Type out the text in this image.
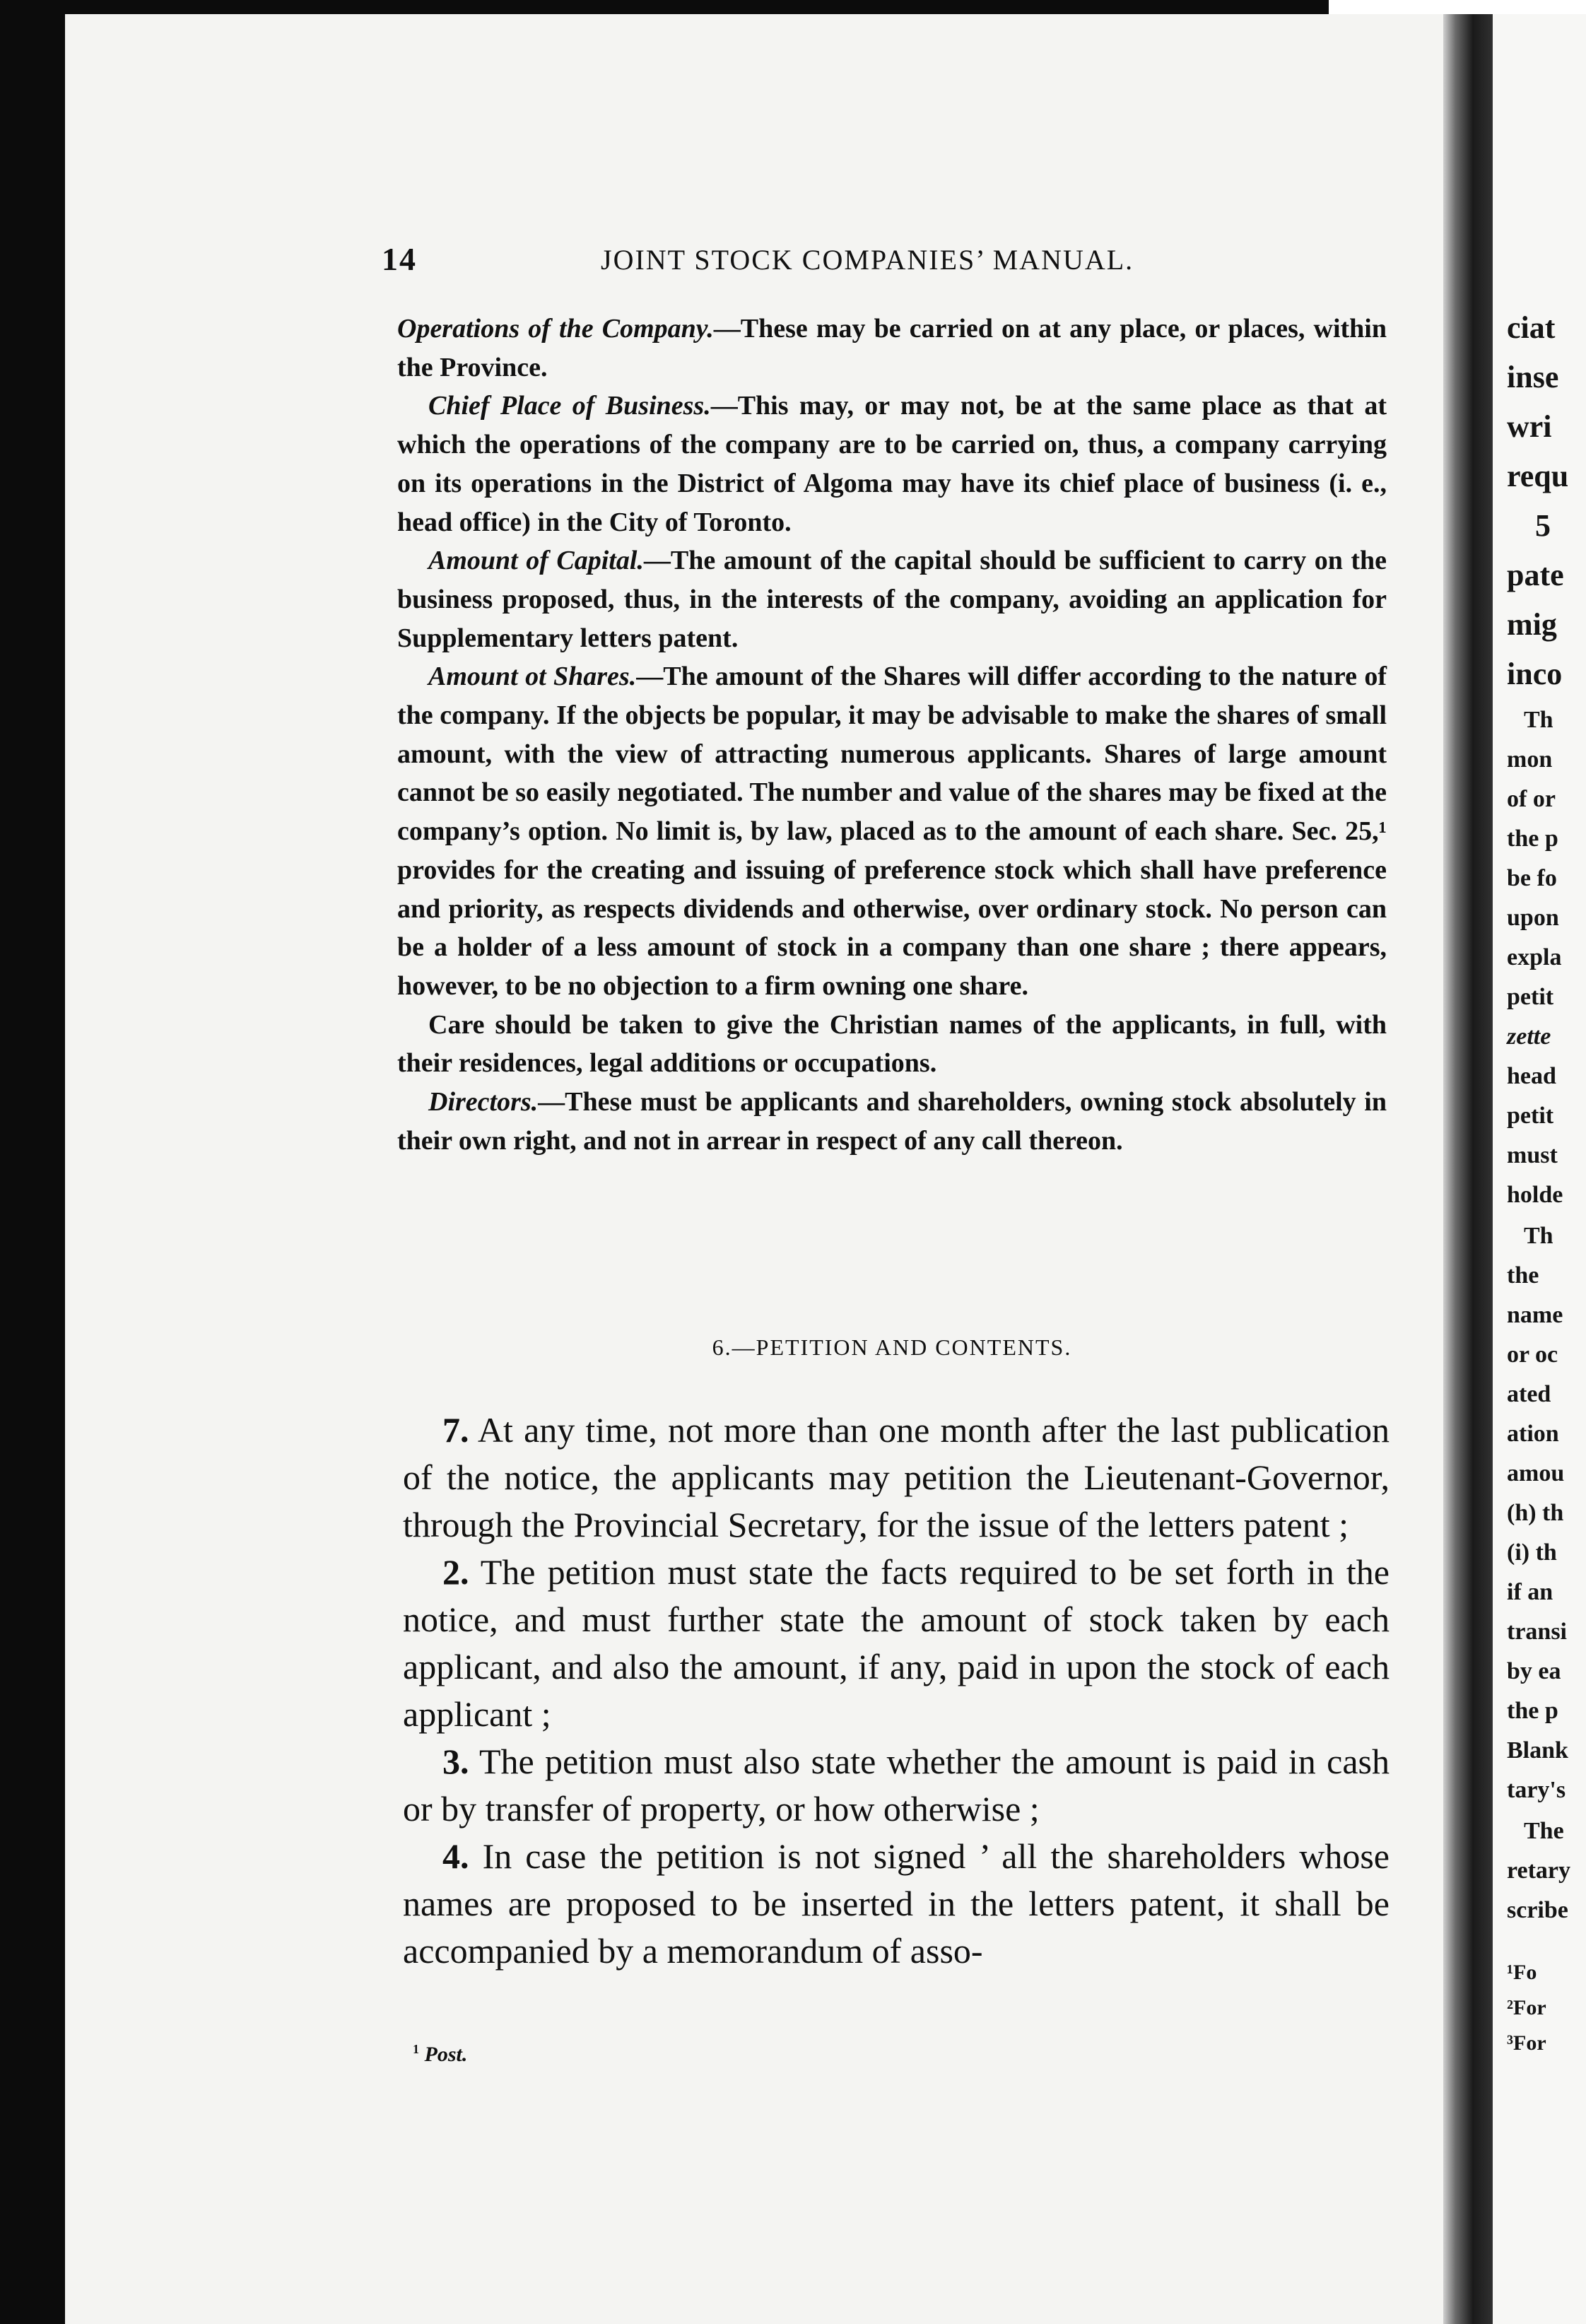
14	JOINT STOCK COMPANIES’ MANUAL.

Operations of the Company.—These may be carried on at any place, or places, within the Province.

Chief Place of Business.—This may, or may not, be at the same place as that at which the operations of the company are to be carried on, thus, a company carrying on its operations in the District of Algoma may have its chief place of business (i. e., head office) in the City of Toronto.

Amount of Capital.—The amount of the capital should be sufficient to carry on the business proposed, thus, in the interests of the company, avoiding an application for Supplementary letters patent.

Amount ot Shares.—The amount of the Shares will differ according to the nature of the company. If the objects be popular, it may be advisable to make the shares of small amount, with the view of attracting numerous applicants. Shares of large amount cannot be so easily negotiated. The number and value of the shares may be fixed at the company’s option. No limit is, by law, placed as to the amount of each share. Sec. 25,¹ provides for the creating and issuing of preference stock which shall have preference and priority, as respects dividends and otherwise, over ordinary stock. No person can be a holder of a less amount of stock in a company than one share ; there appears, however, to be no objection to a firm owning one share.

Care should be taken to give the Christian names of the applicants, in full, with their residences, legal additions or occupations.

Directors.—These must be applicants and shareholders, owning stock absolutely in their own right, and not in arrear in respect of any call thereon.

6.—PETITION AND CONTENTS.

7. At any time, not more than one month after the last publication of the notice, the applicants may petition the Lieutenant-Governor, through the Provincial Secretary, for the issue of the letters patent ;

2. The petition must state the facts required to be set forth in the notice, and must further state the amount of stock taken by each applicant, and also the amount, if any, paid in upon the stock of each applicant ;

3. The petition must also state whether the amount is paid in cash or by transfer of property, or how otherwise ;

4. In case the petition is not signed ’ all the shareholders whose names are proposed to be inserted in the letters patent, it shall be accompanied by a memorandum of asso-

$^1$ Post.
ciat
inse
wri
requ
5
pate
mig
inco
Th
mon
of or
the p
be fo
upon
expla
petit
zette
head
petit
must
holde
Th
the
name
or oc
ated
ation
amou
(h) th
(i) th
if an
transi
by ea
the p
Blank
tary's
The
retary
scribe
¹Fo
²For
³For
